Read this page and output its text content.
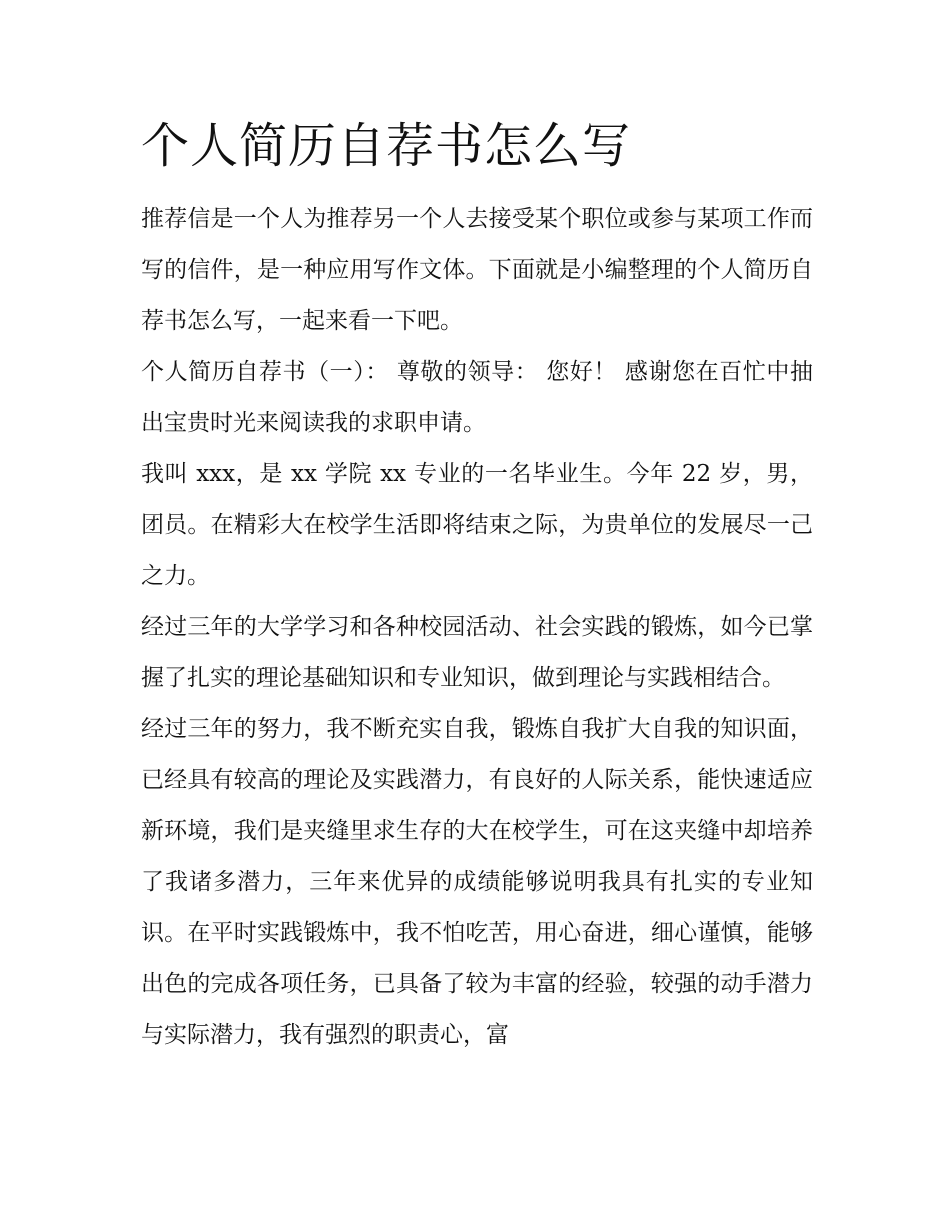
个人简历自荐书怎么写

推荐信是一个人为推荐另一个人去接受某个职位或参与某项工作而写的信件，是一种应用写作文体。下面就是小编整理的个人简历自荐书怎么写，一起来看一下吧。

个人简历自荐书（一）： 尊敬的领导： 您好！ 感谢您在百忙中抽出宝贵时光来阅读我的求职申请。

我叫 xxx，是 xx 学院 xx 专业的一名毕业生。今年 22 岁，男，团员。在精彩大在校学生活即将结束之际，为贵单位的发展尽一己之力。

经过三年的大学学习和各种校园活动、社会实践的锻炼，如今已掌握了扎实的理论基础知识和专业知识，做到理论与实践相结合。

经过三年的努力，我不断充实自我，锻炼自我扩大自我的知识面，已经具有较高的理论及实践潜力，有良好的人际关系，能快速适应新环境，我们是夹缝里求生存的大在校学生，可在这夹缝中却培养了我诸多潜力，三年来优异的成绩能够说明我具有扎实的专业知识。在平时实践锻炼中，我不怕吃苦，用心奋进，细心谨慎，能够出色的完成各项任务，已具备了较为丰富的经验，较强的动手潜力与实际潜力，我有强烈的职责心，富
